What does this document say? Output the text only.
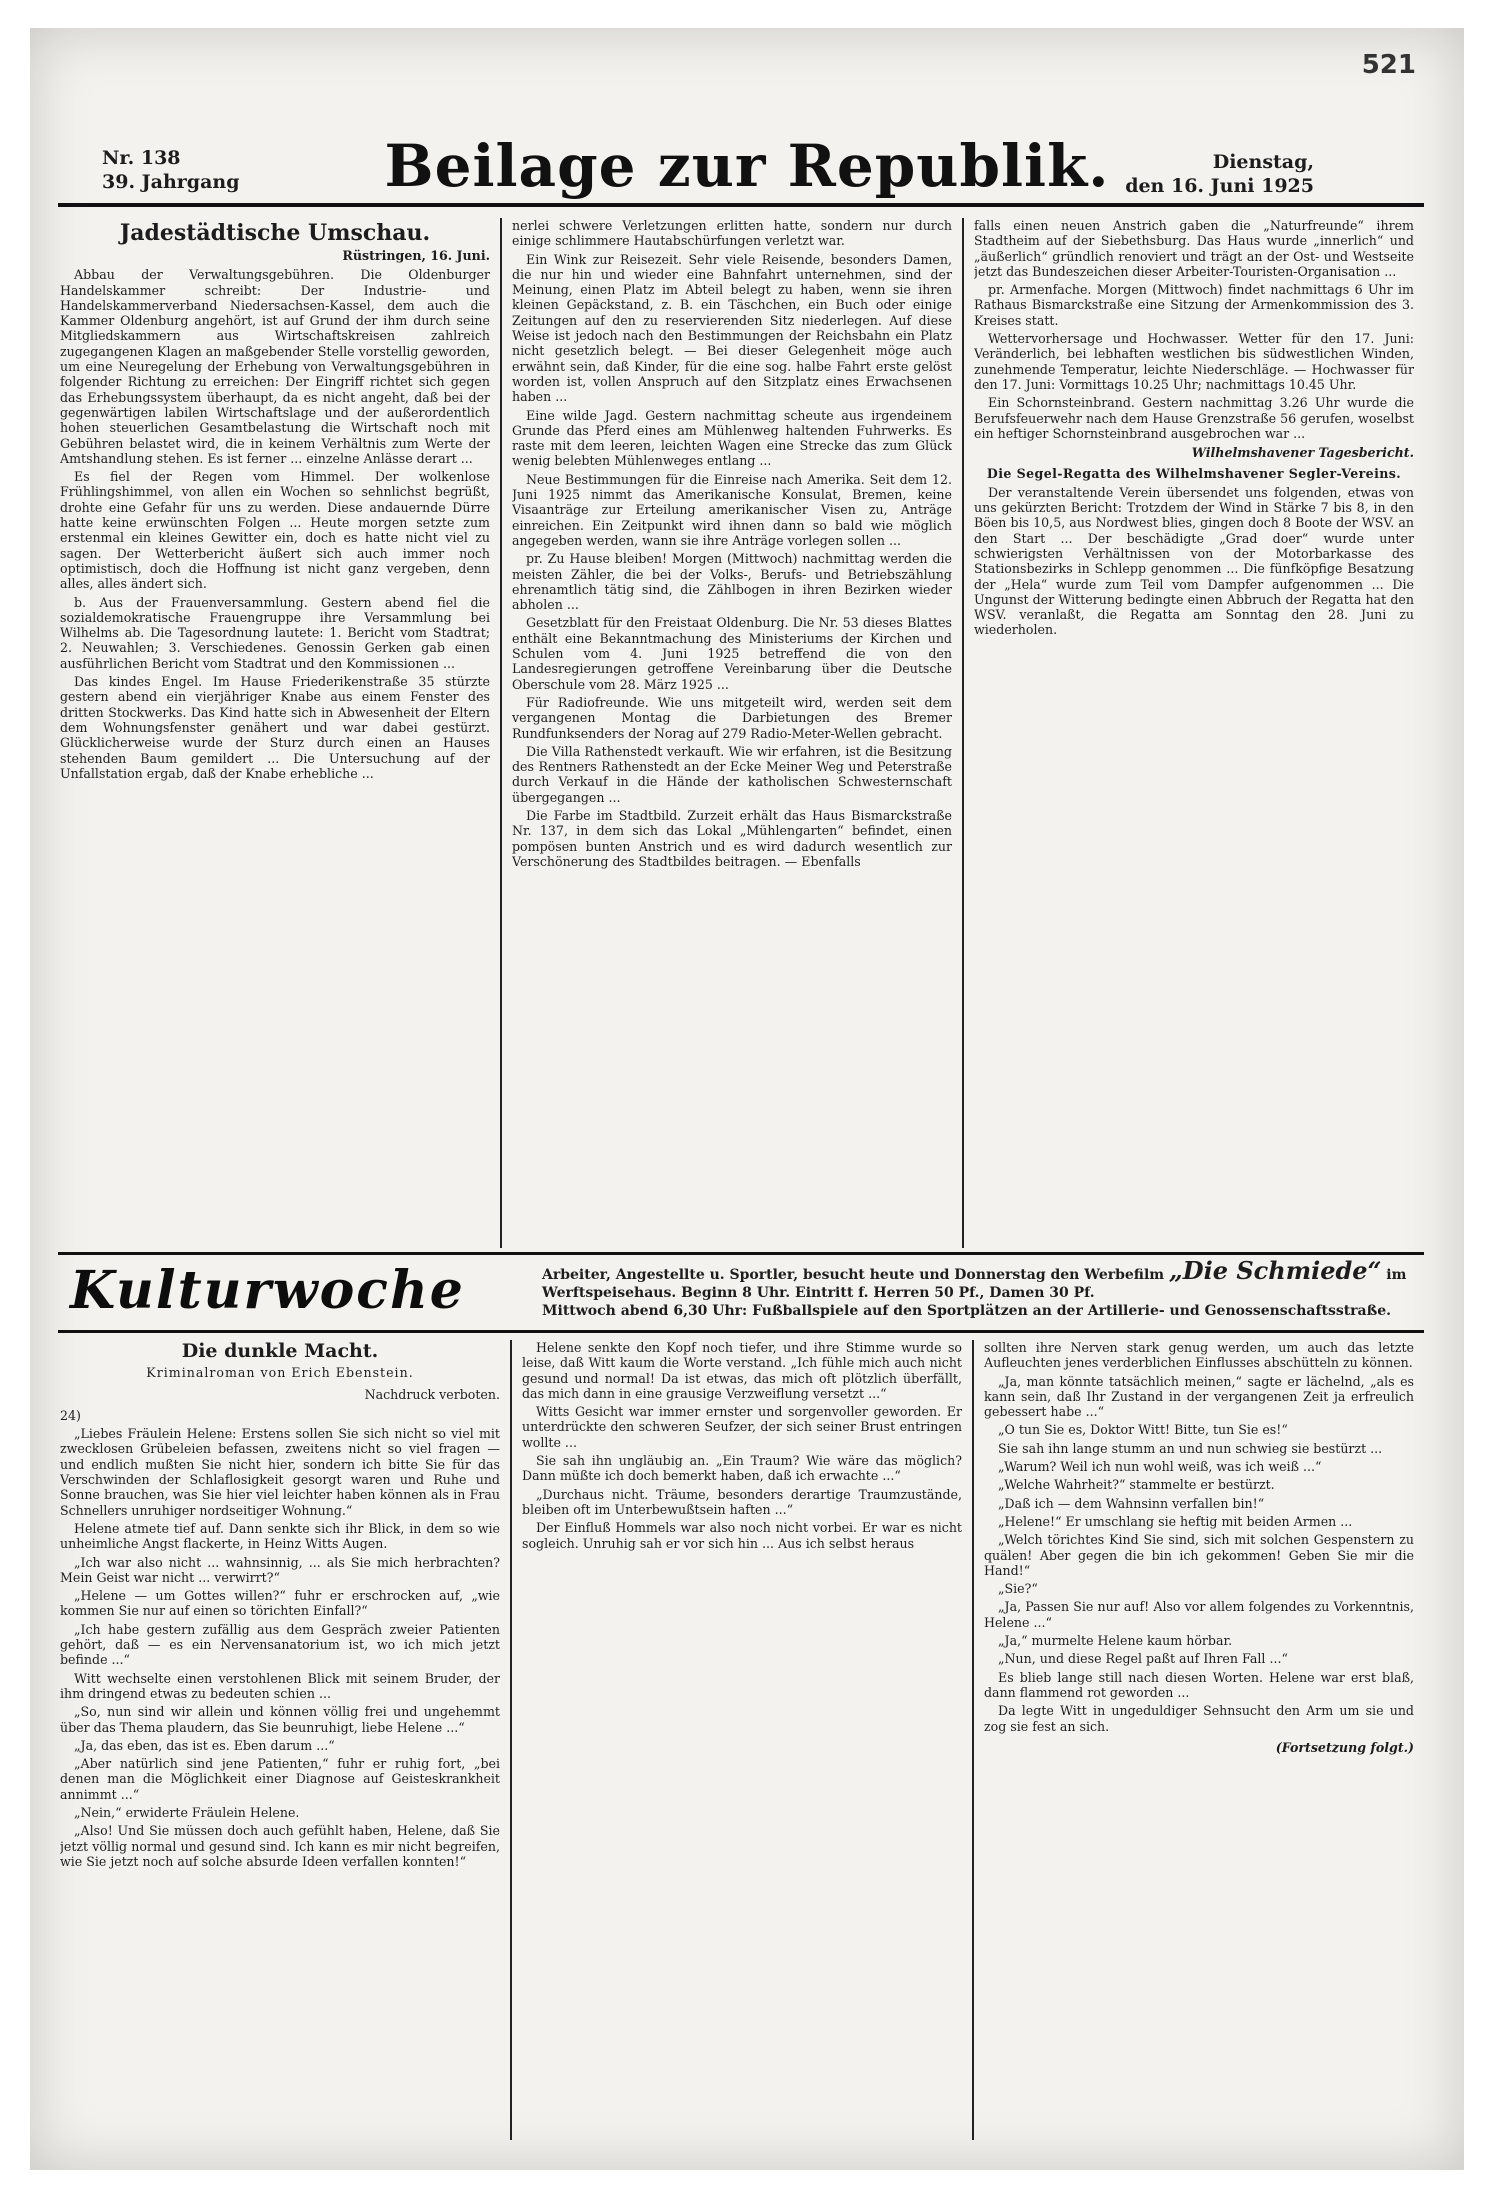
521
Nr. 138
39. Jahrgang	Beilage zur Republik.	Dienstag,
den 16. Juni 1925
Jadestädtische Umschau.
Rüstringen, 16. Juni.

Abbau der Verwaltungsgebühren. Die Oldenburger Handelskammer schreibt: Der Industrie- und Handelskammerverband Niedersachsen-Kassel, dem auch die Kammer Oldenburg angehört, ist auf Grund der ihm durch seine Mitgliedskammern aus Wirtschaftskreisen zahlreich zugegangenen Klagen an maßgebender Stelle vorstellig geworden, um eine Neuregelung der Erhebung von Verwaltungsgebühren in folgender Richtung zu erreichen: Der Eingriff richtet sich gegen das Erhebungssystem überhaupt, da es nicht angeht, daß bei der gegenwärtigen labilen Wirtschaftslage und der außerordentlich hohen steuerlichen Gesamtbelastung die Wirtschaft noch mit Gebühren belastet wird, die in keinem Verhältnis zum Werte der Amtshandlung stehen. Es ist ferner ... einzelne Anlässe derart ...

Es fiel der Regen vom Himmel. Der wolkenlose Frühlingshimmel, von allen ein Wochen so sehnlichst begrüßt, drohte eine Gefahr für uns zu werden. Diese andauernde Dürre hatte keine erwünschten Folgen ... Heute morgen setzte zum erstenmal ein kleines Gewitter ein, doch es hatte nicht viel zu sagen. Der Wetterbericht äußert sich auch immer noch optimistisch, doch die Hoffnung ist nicht ganz vergeben, denn alles, alles ändert sich.

b. Aus der Frauenversammlung. Gestern abend fiel die sozialdemokratische Frauengruppe ihre Versammlung bei Wilhelms ab. Die Tagesordnung lautete: 1. Bericht vom Stadtrat; 2. Neuwahlen; 3. Verschiedenes. Genossin Gerken gab einen ausführlichen Bericht vom Stadtrat und den Kommissionen ...

Das kindes Engel. Im Hause Friederikenstraße 35 stürzte gestern abend ein vierjähriger Knabe aus einem Fenster des dritten Stockwerks. Das Kind hatte sich in Abwesenheit der Eltern dem Wohnungsfenster genähert und war dabei gestürzt. Glücklicherweise wurde der Sturz durch einen an Hauses stehenden Baum gemildert ... Die Untersuchung auf der Unfallstation ergab, daß der Knabe erhebliche ...

nerlei schwere Verletzungen erlitten hatte, sondern nur durch einige schlimmere Hautabschürfungen verletzt war.

Ein Wink zur Reisezeit. Sehr viele Reisende, besonders Damen, die nur hin und wieder eine Bahnfahrt unternehmen, sind der Meinung, einen Platz im Abteil belegt zu haben, wenn sie ihren kleinen Gepäckstand, z. B. ein Täschchen, ein Buch oder einige Zeitungen auf den zu reservierenden Sitz niederlegen. Auf diese Weise ist jedoch nach den Bestimmungen der Reichsbahn ein Platz nicht gesetzlich belegt. — Bei dieser Gelegenheit möge auch erwähnt sein, daß Kinder, für die eine sog. halbe Fahrt erste gelöst worden ist, vollen Anspruch auf den Sitzplatz eines Erwachsenen haben ...

Eine wilde Jagd. Gestern nachmittag scheute aus irgendeinem Grunde das Pferd eines am Mühlenweg haltenden Fuhrwerks. Es raste mit dem leeren, leichten Wagen eine Strecke das zum Glück wenig belebten Mühlenweges entlang ...

Neue Bestimmungen für die Einreise nach Amerika. Seit dem 12. Juni 1925 nimmt das Amerikanische Konsulat, Bremen, keine Visaanträge zur Erteilung amerikanischer Visen zu, Anträge einreichen. Ein Zeitpunkt wird ihnen dann so bald wie möglich angegeben werden, wann sie ihre Anträge vorlegen sollen ...

pr. Zu Hause bleiben! Morgen (Mittwoch) nachmittag werden die meisten Zähler, die bei der Volks-, Berufs- und Betriebszählung ehrenamtlich tätig sind, die Zählbogen in ihren Bezirken wieder abholen ...

Gesetzblatt für den Freistaat Oldenburg. Die Nr. 53 dieses Blattes enthält eine Bekanntmachung des Ministeriums der Kirchen und Schulen vom 4. Juni 1925 betreffend die von den Landesregierungen getroffene Vereinbarung über die Deutsche Oberschule vom 28. März 1925 ...

Für Radiofreunde. Wie uns mitgeteilt wird, werden seit dem vergangenen Montag die Darbietungen des Bremer Rundfunksenders der Norag auf 279 Radio-Meter-Wellen gebracht.

Die Villa Rathenstedt verkauft. Wie wir erfahren, ist die Besitzung des Rentners Rathenstedt an der Ecke Meiner Weg und Peterstraße durch Verkauf in die Hände der katholischen Schwesternschaft übergegangen ...

Die Farbe im Stadtbild. Zurzeit erhält das Haus Bismarckstraße Nr. 137, in dem sich das Lokal „Mühlengarten“ befindet, einen pompösen bunten Anstrich und es wird dadurch wesentlich zur Verschönerung des Stadtbildes beitragen. — Ebenfalls

falls einen neuen Anstrich gaben die „Naturfreunde“ ihrem Stadtheim auf der Siebethsburg. Das Haus wurde „innerlich“ und „äußerlich“ gründlich renoviert und trägt an der Ost- und Westseite jetzt das Bundeszeichen dieser Arbeiter-Touristen-Organisation ...

pr. Armenfache. Morgen (Mittwoch) findet nachmittags 6 Uhr im Rathaus Bismarckstraße eine Sitzung der Armenkommission des 3. Kreises statt.

Wettervorhersage und Hochwasser. Wetter für den 17. Juni: Veränderlich, bei lebhaften westlichen bis südwestlichen Winden, zunehmende Temperatur, leichte Niederschläge. — Hochwasser für den 17. Juni: Vormittags 10.25 Uhr; nachmittags 10.45 Uhr.

Ein Schornsteinbrand. Gestern nachmittag 3.26 Uhr wurde die Berufsfeuerwehr nach dem Hause Grenzstraße 56 gerufen, woselbst ein heftiger Schornsteinbrand ausgebrochen war ...

Wilhelmshavener Tagesbericht.
Die Segel-Regatta des Wilhelmshavener Segler-Vereins.

Der veranstaltende Verein übersendet uns folgenden, etwas von uns gekürzten Bericht: Trotzdem der Wind in Stärke 7 bis 8, in den Böen bis 10,5, aus Nordwest blies, gingen doch 8 Boote der WSV. an den Start ... Der beschädigte „Grad doer“ wurde unter schwierigsten Verhältnissen von der Motorbarkasse des Stationsbezirks in Schlepp genommen ... Die fünfköpfige Besatzung der „Hela“ wurde zum Teil vom Dampfer aufgenommen ... Die Ungunst der Witterung bedingte einen Abbruch der Regatta hat den WSV. veranlaßt, die Regatta am Sonntag den 28. Juni zu wiederholen.

Kulturwoche	Arbeiter, Angestellte u. Sportler, besucht heute und Donnerstag den Werbefilm „Die Schmiede“ im Werftspeisehaus. Beginn 8 Uhr. Eintritt f. Herren 50 Pf., Damen 30 Pf.
Mittwoch abend 6,30 Uhr: Fußballspiele auf den Sportplätzen an der Artillerie- und Genossenschaftsstraße.
Die dunkle Macht.
Kriminalroman von Erich Ebenstein.
Nachdruck verboten.

24)

„Liebes Fräulein Helene: Erstens sollen Sie sich nicht so viel mit zwecklosen Grübeleien befassen, zweitens nicht so viel fragen — und endlich mußten Sie nicht hier, sondern ich bitte Sie für das Verschwinden der Schlaflosigkeit gesorgt waren und Ruhe und Sonne brauchen, was Sie hier viel leichter haben können als in Frau Schnellers unruhiger nordseitiger Wohnung.“

Helene atmete tief auf. Dann senkte sich ihr Blick, in dem so wie unheimliche Angst flackerte, in Heinz Witts Augen.

„Ich war also nicht ... wahnsinnig, ... als Sie mich herbrachten? Mein Geist war nicht ... verwirrt?“

„Helene — um Gottes willen?“ fuhr er erschrocken auf, „wie kommen Sie nur auf einen so törichten Einfall?“

„Ich habe gestern zufällig aus dem Gespräch zweier Patienten gehört, daß — es ein Nervensanatorium ist, wo ich mich jetzt befinde ...“

Witt wechselte einen verstohlenen Blick mit seinem Bruder, der ihm dringend etwas zu bedeuten schien ...

„So, nun sind wir allein und können völlig frei und ungehemmt über das Thema plaudern, das Sie beunruhigt, liebe Helene ...“

„Ja, das eben, das ist es. Eben darum ...“

„Aber natürlich sind jene Patienten,“ fuhr er ruhig fort, „bei denen man die Möglichkeit einer Diagnose auf Geisteskrankheit annimmt ...“

„Nein,“ erwiderte Fräulein Helene.

„Also! Und Sie müssen doch auch gefühlt haben, Helene, daß Sie jetzt völlig normal und gesund sind. Ich kann es mir nicht begreifen, wie Sie jetzt noch auf solche absurde Ideen verfallen konnten!“

Helene senkte den Kopf noch tiefer, und ihre Stimme wurde so leise, daß Witt kaum die Worte verstand. „Ich fühle mich auch nicht gesund und normal! Da ist etwas, das mich oft plötzlich überfällt, das mich dann in eine grausige Verzweiflung versetzt ...“

Witts Gesicht war immer ernster und sorgenvoller geworden. Er unterdrückte den schweren Seufzer, der sich seiner Brust entringen wollte ...

Sie sah ihn ungläubig an. „Ein Traum? Wie wäre das möglich? Dann müßte ich doch bemerkt haben, daß ich erwachte ...“

„Durchaus nicht. Träume, besonders derartige Traumzustände, bleiben oft im Unterbewußtsein haften ...“

Der Einfluß Hommels war also noch nicht vorbei. Er war es nicht sogleich. Unruhig sah er vor sich hin ... Aus ich selbst heraus

sollten ihre Nerven stark genug werden, um auch das letzte Aufleuchten jenes verderblichen Einflusses abschütteln zu können.

„Ja, man könnte tatsächlich meinen,“ sagte er lächelnd, „als es kann sein, daß Ihr Zustand in der vergangenen Zeit ja erfreulich gebessert habe ...“

„O tun Sie es, Doktor Witt! Bitte, tun Sie es!“

Sie sah ihn lange stumm an und nun schwieg sie bestürzt ...

„Warum? Weil ich nun wohl weiß, was ich weiß ...“

„Welche Wahrheit?“ stammelte er bestürzt.

„Daß ich — dem Wahnsinn verfallen bin!“

„Helene!“ Er umschlang sie heftig mit beiden Armen ...

„Welch törichtes Kind Sie sind, sich mit solchen Gespenstern zu quälen! Aber gegen die bin ich gekommen! Geben Sie mir die Hand!“

„Sie?“

„Ja, Passen Sie nur auf! Also vor allem folgendes zu Vorkenntnis, Helene ...“

„Ja,“ murmelte Helene kaum hörbar.

„Nun, und diese Regel paßt auf Ihren Fall ...“

Es blieb lange still nach diesen Worten. Helene war erst blaß, dann flammend rot geworden ...

Da legte Witt in ungeduldiger Sehnsucht den Arm um sie und zog sie fest an sich.

(Fortsetzung folgt.)
